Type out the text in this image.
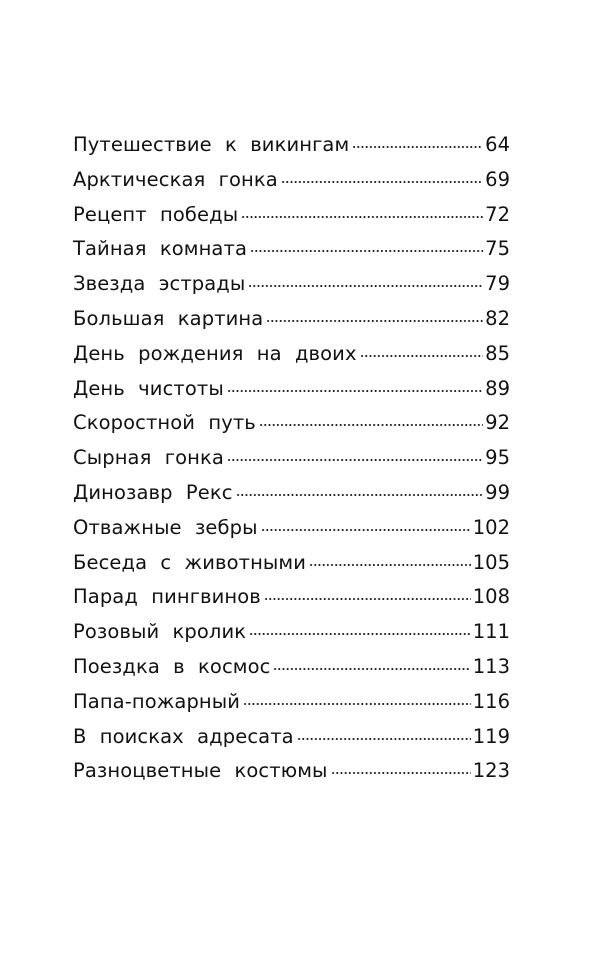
Путешествие к викингам	64
Арктическая гонка	69
Рецепт победы	72
Тайная комната	75
Звезда эстрады	79
Большая картина	82
День рождения на двоих	85
День чистоты	89
Скоростной путь	92
Сырная гонка	95
Динозавр Рекс	99
Отважные зебры	102
Беседа с животными	105
Парад пингвинов	108
Розовый кролик	111
Поездка в космос	113
Папа-пожарный	116
В поисках адресата	119
Разноцветные костюмы	123
